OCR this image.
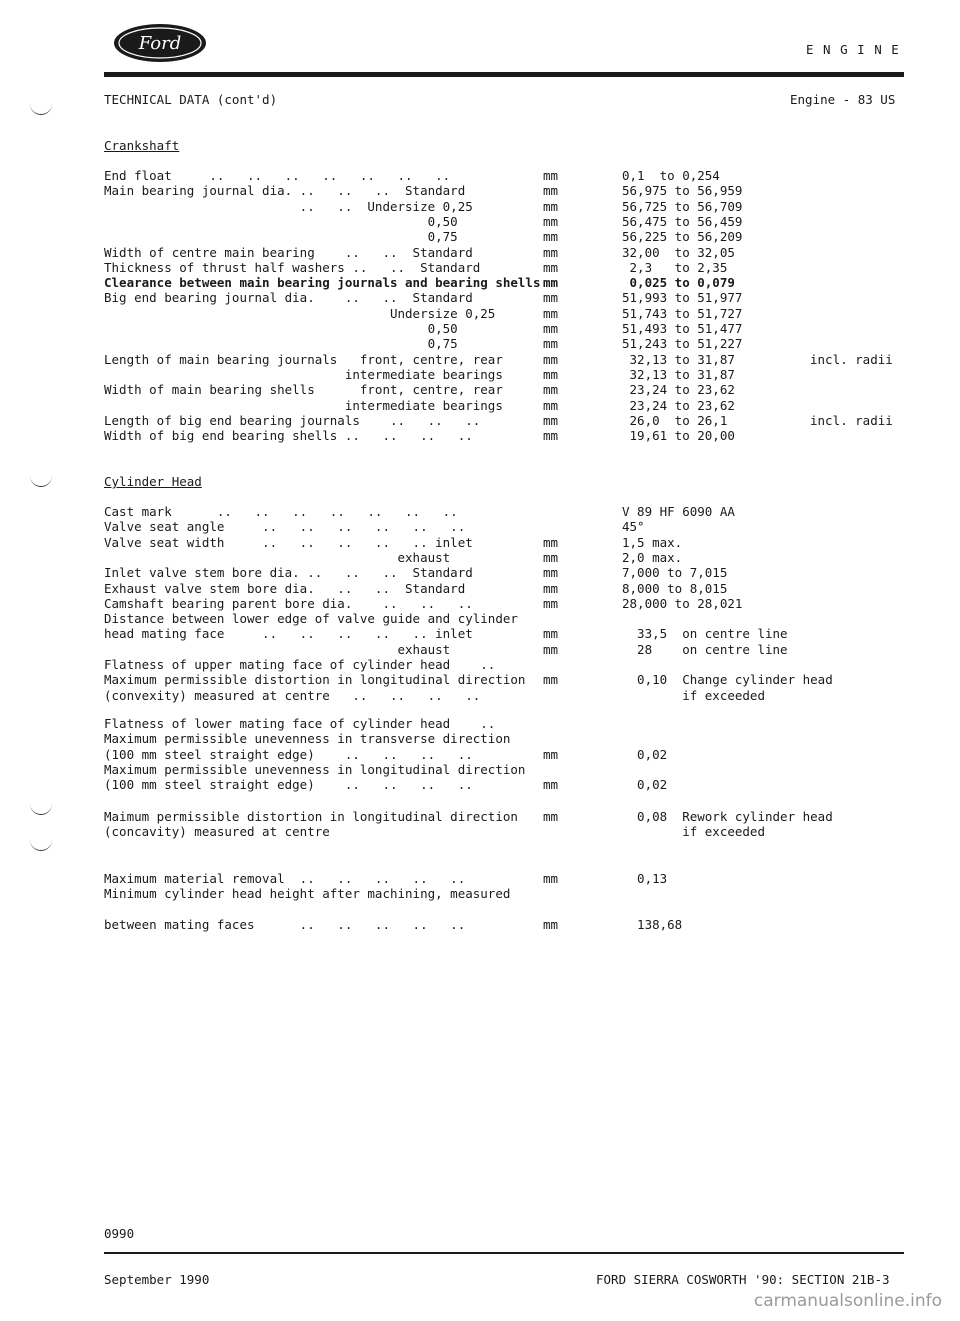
Ford	E N G I N E
TECHNICAL DATA (cont'd)	Engine - 83 US
Crankshaft
End float     ..   ..   ..   ..   ..   ..   ..	mm	0,1  to 0,254
Main bearing journal dia. ..   ..   ..  Standard	mm	56,975 to 56,959
..   ..  Undersize 0,25	mm	56,725 to 56,709
0,50	mm	56,475 to 56,459
0,75	mm	56,225 to 56,209
Width of centre main bearing    ..   ..  Standard	mm	32,00  to 32,05
Thickness of thrust half washers ..   ..  Standard	mm	2,3   to 2,35
Clearance between main bearing journals and bearing shells mm	0,025 to 0,079
Big end bearing journal dia.    ..   ..  Standard	mm	51,993 to 51,977
Undersize 0,25	mm	51,743 to 51,727
0,50	mm	51,493 to 51,477
0,75	mm	51,243 to 51,227
Length of main bearing journals   front, centre, rear	mm	32,13 to 31,87	incl. radii
intermediate bearings	mm	32,13 to 31,87
Width of main bearing shells      front, centre, rear	mm	23,24 to 23,62
intermediate bearings	mm	23,24 to 23,62
Length of big end bearing journals    ..   ..   ..	mm	26,0  to 26,1	incl. radii
Width of big end bearing shells ..   ..   ..   ..	mm	19,61 to 20,00
Cylinder Head
Cast mark      ..   ..   ..   ..   ..   ..   ..	V 89 HF 6090 AA
Valve seat angle     ..   ..   ..   ..   ..   ..	45°
Valve seat width     ..   ..   ..   ..   .. inlet	mm	1,5 max.
exhaust	mm	2,0 max.
Inlet valve stem bore dia. ..   ..   ..  Standard	mm	7,000 to 7,015
Exhaust valve stem bore dia.   ..   ..  Standard	mm	8,000 to 8,015
Camshaft bearing parent bore dia.    ..   ..   ..	mm	28,000 to 28,021
Distance between lower edge of valve guide and cylinder
head mating face     ..   ..   ..   ..   .. inlet	mm	33,5  on centre line
exhaust	mm	28    on centre line
Flatness of upper mating face of cylinder head    ..
Maximum permissible distortion in longitudinal direction mm	0,10  Change cylinder head
(convexity) measured at centre   ..   ..   ..   ..	if exceeded
Flatness of lower mating face of cylinder head    ..
Maximum permissible unevenness in transverse direction
(100 mm steel straight edge)    ..   ..   ..   ..	mm	0,02
Maximum permissible unevenness in longitudinal direction
(100 mm steel straight edge)    ..   ..   ..   ..	mm	0,02
Maimum permissible distortion in longitudinal direction mm	0,08  Rework cylinder head
(concavity) measured at centre	if exceeded
Maximum material removal  ..   ..   ..   ..   ..	mm	0,13
Minimum cylinder head height after machining, measured
between mating faces      ..   ..   ..   ..   ..	mm	138,68
0990
September 1990	FORD SIERRA COSWORTH '90: SECTION 21B-3
carmanualsonline.info
